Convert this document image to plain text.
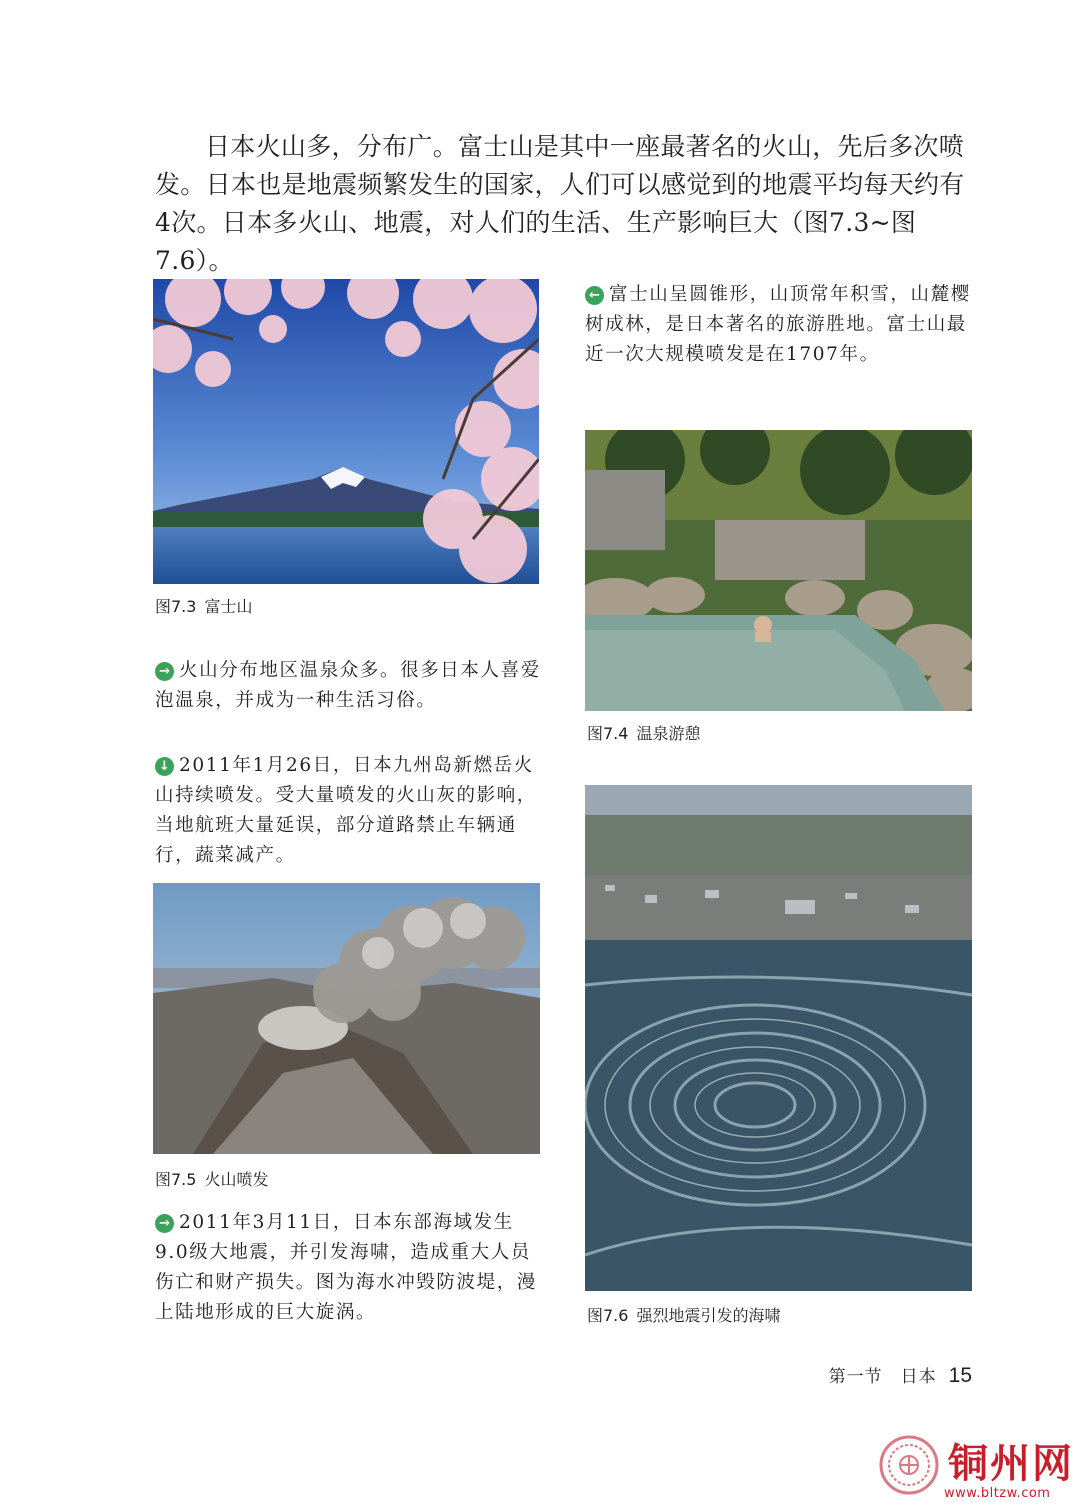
日本火山多，分布广。富士山是其中一座最著名的火山，先后多次喷发。日本也是地震频繁发生的国家，人们可以感觉到的地震平均每天约有4次。日本多火山、地震，对人们的生活、生产影响巨大（图7.3~图7.6）。

图7.3 富士山

← 富士山呈圆锥形，山顶常年积雪，山麓樱树成林，是日本著名的旅游胜地。富士山最近一次大规模喷发是在1707年。

图7.4 温泉游憩

→ 火山分布地区温泉众多。很多日本人喜爱泡温泉，并成为一种生活习俗。

↓ 2011年1月26日，日本九州岛新燃岳火山持续喷发。受大量喷发的火山灰的影响，当地航班大量延误，部分道路禁止车辆通行，蔬菜减产。

图7.5 火山喷发

→ 2011年3月11日，日本东部海域发生9.0级大地震，并引发海啸，造成重大人员伤亡和财产损失。图为海水冲毁防波堤，漫上陆地形成的巨大旋涡。	图7.6 强烈地震引发的海啸
第一节　日本 15
铜州网
www.bltzw.com
